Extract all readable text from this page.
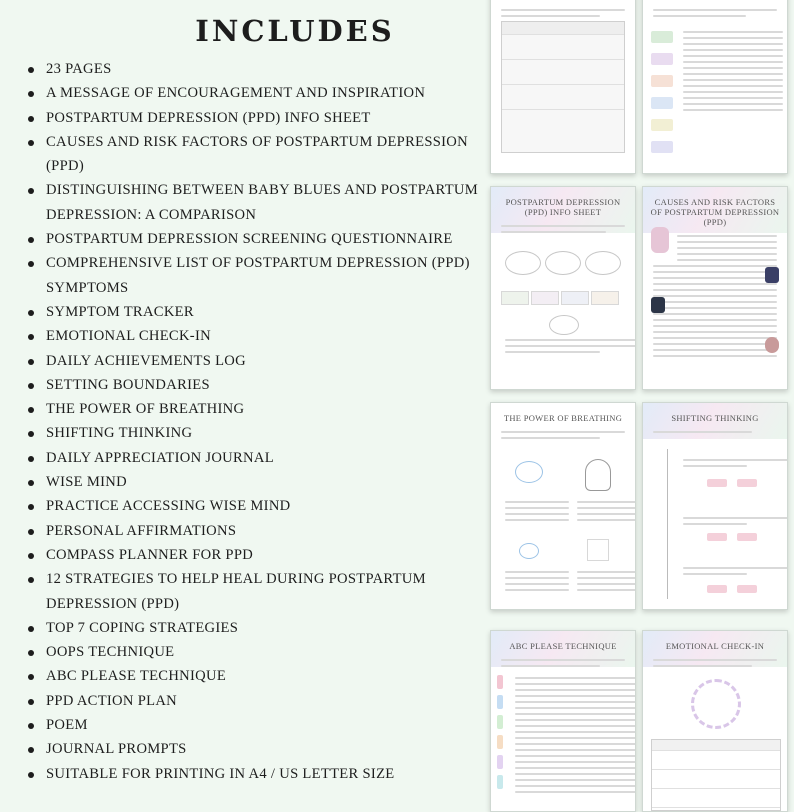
INCLUDES
23 PAGES
A MESSAGE OF ENCOURAGEMENT AND INSPIRATION
POSTPARTUM DEPRESSION (PPD) INFO SHEET
CAUSES AND RISK FACTORS OF POSTPARTUM DEPRESSION (PPD)
DISTINGUISHING BETWEEN BABY BLUES AND POSTPARTUM DEPRESSION: A COMPARISON
POSTPARTUM DEPRESSION SCREENING QUESTIONNAIRE
COMPREHENSIVE LIST OF POSTPARTUM DEPRESSION (PPD) SYMPTOMS
SYMPTOM TRACKER
EMOTIONAL CHECK-IN
DAILY ACHIEVEMENTS LOG
SETTING BOUNDARIES
THE POWER OF BREATHING
SHIFTING THINKING
DAILY APPRECIATION JOURNAL
WISE MIND
PRACTICE ACCESSING WISE MIND
PERSONAL AFFIRMATIONS
COMPASS PLANNER FOR PPD
12 STRATEGIES TO HELP HEAL DURING POSTPARTUM DEPRESSION (PPD)
TOP 7 COPING STRATEGIES
OOPS TECHNIQUE
ABC PLEASE TECHNIQUE
PPD ACTION PLAN
POEM
JOURNAL PROMPTS
SUITABLE FOR PRINTING IN A4 / US LETTER SIZE
POSTPARTUM DEPRESSION (PPD) INFO SHEET
CAUSES AND RISK FACTORS OF POSTPARTUM DEPRESSION (PPD)
THE POWER OF BREATHING	SHIFTING THINKING
ABC PLEASE TECHNIQUE	EMOTIONAL CHECK-IN
